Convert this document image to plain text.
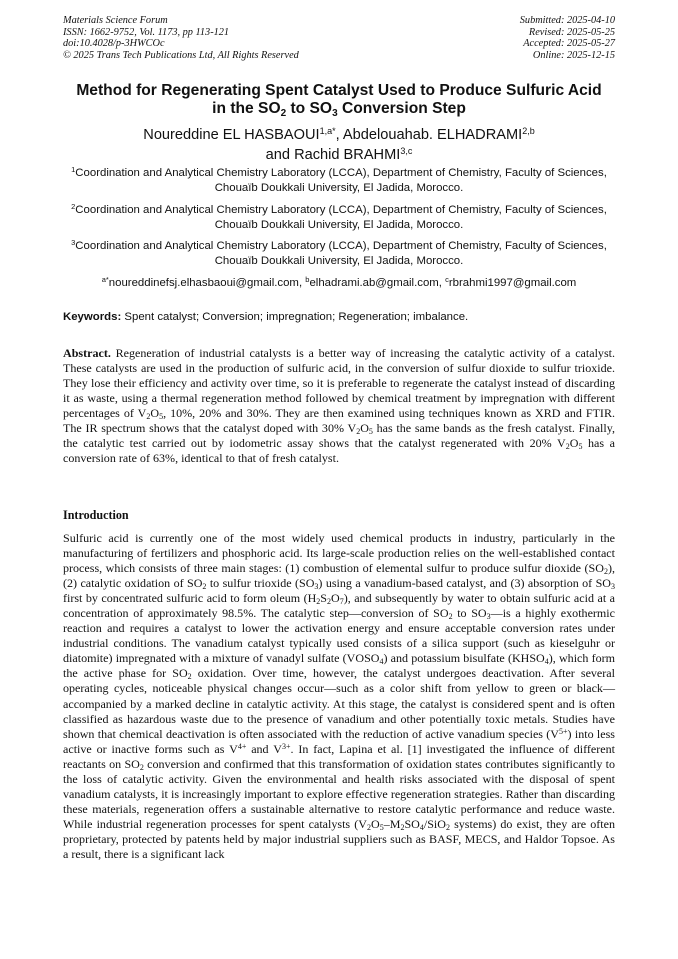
Materials Science Forum
ISSN: 1662-9752, Vol. 1173, pp 113-121
doi:10.4028/p-3HWCOc
© 2025 Trans Tech Publications Ltd, All Rights Reserved
Submitted: 2025-04-10
Revised: 2025-05-25
Accepted: 2025-05-27
Online: 2025-12-15
Method for Regenerating Spent Catalyst Used to Produce Sulfuric Acid
in the $SO_2$ to $SO_3$ Conversion Step
Noureddine EL $HASBAOUI^{1,a*}$, Abdelouahab. ELHADRAMI$^{2,b}$
and Rachid BRAHMI$^{3,c}$
$^1$Coordination and Analytical Chemistry Laboratory (LCCA), Department of Chemistry, Faculty of Sciences, Chouaïb Doukkali University, El Jadida, Morocco.
$^2$Coordination and Analytical Chemistry Laboratory (LCCA), Department of Chemistry, Faculty of Sciences, Chouaïb Doukkali University, El Jadida, Morocco.
$^3$Coordination and Analytical Chemistry Laboratory (LCCA), Department of Chemistry, Faculty of Sciences, Chouaïb Doukkali University, El Jadida, Morocco.
$^{a*}$noureddinefsj.elhasbaoui@gmail.com, $^b$elhadrami.ab@gmail.com, $^c$rbrahmi1997@gmail.com
Keywords: Spent catalyst; Conversion; impregnation; Regeneration; imbalance.
Abstract. Regeneration of industrial catalysts is a better way of increasing the catalytic activity of a catalyst. These catalysts are used in the production of sulfuric acid, in the conversion of sulfur dioxide to sulfur trioxide. They lose their efficiency and activity over time, so it is preferable to regenerate the catalyst instead of discarding it as waste, using a thermal regeneration method followed by chemical treatment by impregnation with different percentages of $V_2O_5$, 10%, 20% and 30%. They are then examined using techniques known as XRD and FTIR. The IR spectrum shows that the catalyst doped with 30% $V_2O_5$ has the same bands as the fresh catalyst. Finally, the catalytic test carried out by iodometric assay shows that the catalyst regenerated with 20% $V_2O_5$ has a conversion rate of 63%, identical to that of fresh catalyst.
Introduction
Sulfuric acid is currently one of the most widely used chemical products in industry, particularly in the manufacturing of fertilizers and phosphoric acid. Its large-scale production relies on the well-established contact process, which consists of three main stages: (1) combustion of elemental sulfur to produce sulfur dioxide $(SO_2)$, (2) catalytic oxidation of $SO_2$ to sulfur trioxide $(SO_3)$ using a vanadium-based catalyst, and (3) absorption of $SO_3$ first by concentrated sulfuric acid to form oleum $(H_2S_2O_7)$, and subsequently by water to obtain sulfuric acid at a concentration of approximately 98.5%. The catalytic step—conversion of $SO_2$ to $SO_3—is$ a highly exothermic reaction and requires a catalyst to lower the activation energy and ensure acceptable conversion rates under industrial conditions. The vanadium catalyst typically used consists of a silica support (such as kieselguhr or diatomite) impregnated with a mixture of vanadyl sulfate $(VOSO_4)$ and potassium bisulfate $(KHSO_4)$, which form the active phase for $SO_2$ oxidation. Over time, however, the catalyst undergoes deactivation. After several operating cycles, noticeable physical changes occur—such as a color shift from yellow to green or black—accompanied by a marked decline in catalytic activity. At this stage, the catalyst is considered spent and is often classified as hazardous waste due to the presence of vanadium and other potentially toxic metals. Studies have shown that chemical deactivation is often associated with the reduction of active vanadium species $(V^{5+})$ into less active or inactive forms such as $V^{4+}$ and $V^{3+}$. In fact, Lapina et al. [1] investigated the influence of different reactants on $SO_2$ conversion and confirmed that this transformation of oxidation states contributes significantly to the loss of catalytic activity. Given the environmental and health risks associated with the disposal of spent vanadium catalysts, it is increasingly important to explore effective regeneration strategies. Rather than discarding these materials, regeneration offers a sustainable alternative to restore catalytic performance and reduce waste. While industrial regeneration processes for spent catalysts ($V_2O_5-M_2SO_4/SiO_2$ systems) do exist, they are often proprietary, protected by patents held by major industrial suppliers such as BASF, MECS, and Haldor Topsoe. As a result, there is a significant lack
